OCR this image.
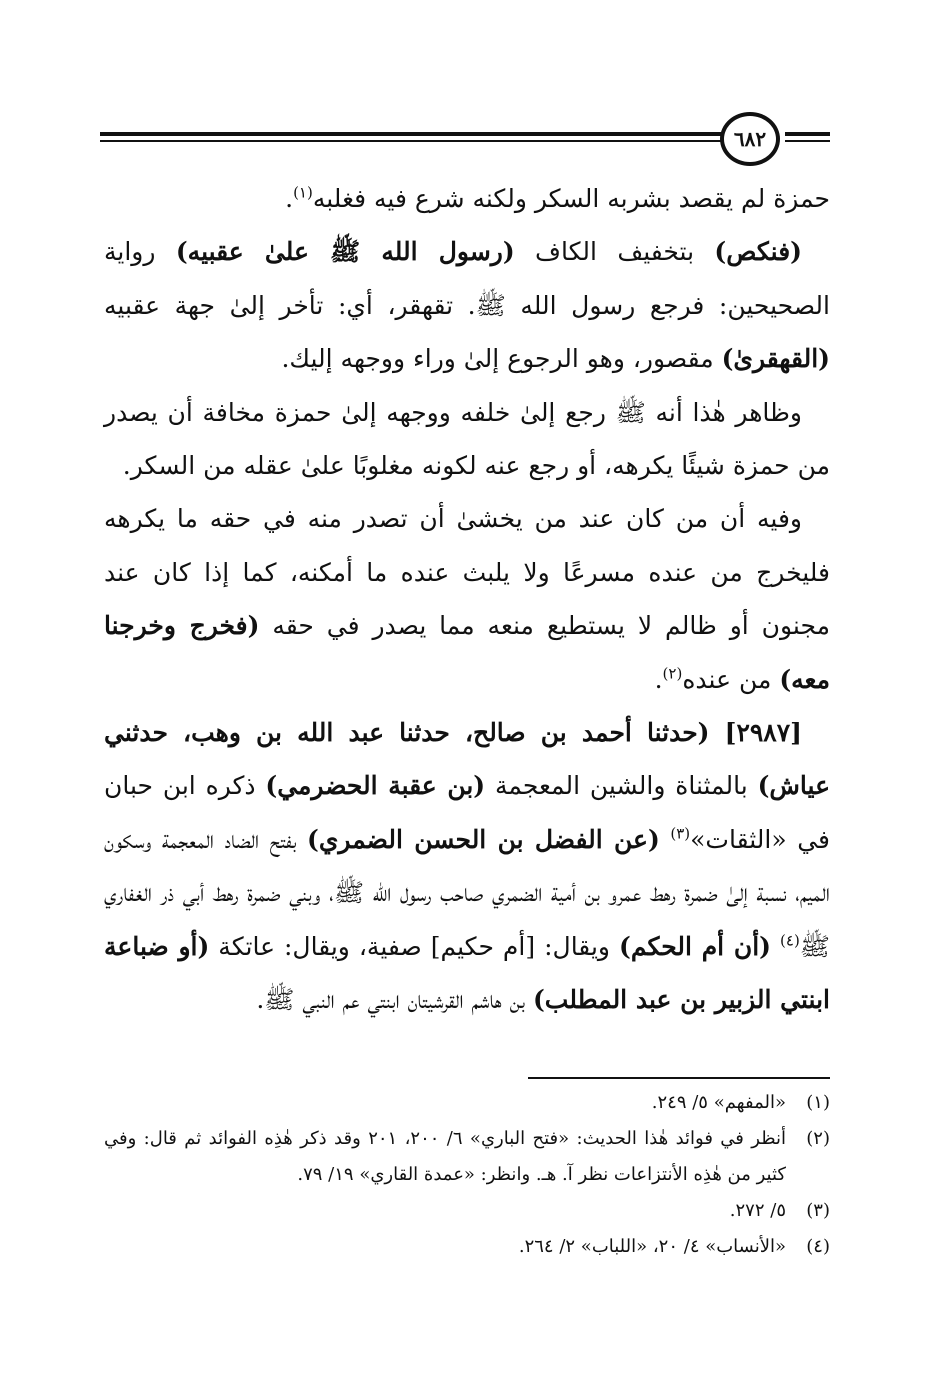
٦٨٢

حمزة لم يقصد بشربه السكر ولكنه شرع فيه فغلبه$^{(١)}$.

(فنكص) بتخفيف الكاف (رسول الله ﷺ علىٰ عقبيه) رواية الصحيحين: فرجع رسول الله ﷺ. تقهقر، أي: تأخر إلىٰ جهة عقبيه (القهقرىٰ) مقصور، وهو الرجوع إلىٰ وراء ووجهه إليك.

وظاهر هٰذا أنه ﷺ رجع إلىٰ خلفه ووجهه إلىٰ حمزة مخافة أن يصدر من حمزة شيئًا يكرهه، أو رجع عنه لكونه مغلوبًا علىٰ عقله من السكر.

وفيه أن من كان عند من يخشىٰ أن تصدر منه في حقه ما يكرهه فليخرج من عنده مسرعًا ولا يلبث عنده ما أمكنه، كما إذا كان عند مجنون أو ظالم لا يستطيع منعه مما يصدر في حقه (فخرج وخرجنا معه) من عنده$^{(٢)}$.

[٢٩٨٧] (حدثنا أحمد بن صالح، حدثنا عبد الله بن وهب، حدثني عياش) بالمثناة والشين المعجمة (بن عقبة الحضرمي) ذكره ابن حبان في «الثقات»$^{(٣)}$ (عن الفضل بن الحسن الضمري) بفتح الضاد المعجمة وسكون الميم، نسبة إلىٰ ضمرة رهط عمرو بن أمية الضمري صاحب رسول الله ﷺ، وبني ضمرة رهط أبي ذر الغفاري ﷺ$^{(٤)}$ (أن أم الحكم) ويقال: [أم حكيم] صفية، ويقال: عاتكة (أو ضباعة ابنتي الزبير بن عبد المطلب) بن هاشم القرشيتان ابنتي عم النبي ﷺ.

(١)
«المفهم» ٥/ ٢٤٩.
(٢)
أنظر في فوائد هٰذا الحديث: «فتح الباري» ٦/ ٢٠٠، ٢٠١ وقد ذكر هٰذِه الفوائد ثم قال: وفي كثير من هٰذِه الأنتزاعات نظر آ. هـ. وانظر: «عمدة القاري» ١٩/ ٧٩.
(٣)
٥/ ٢٧٢.
(٤)
«الأنساب» ٤/ ٢٠، «اللباب» ٢/ ٢٦٤.
